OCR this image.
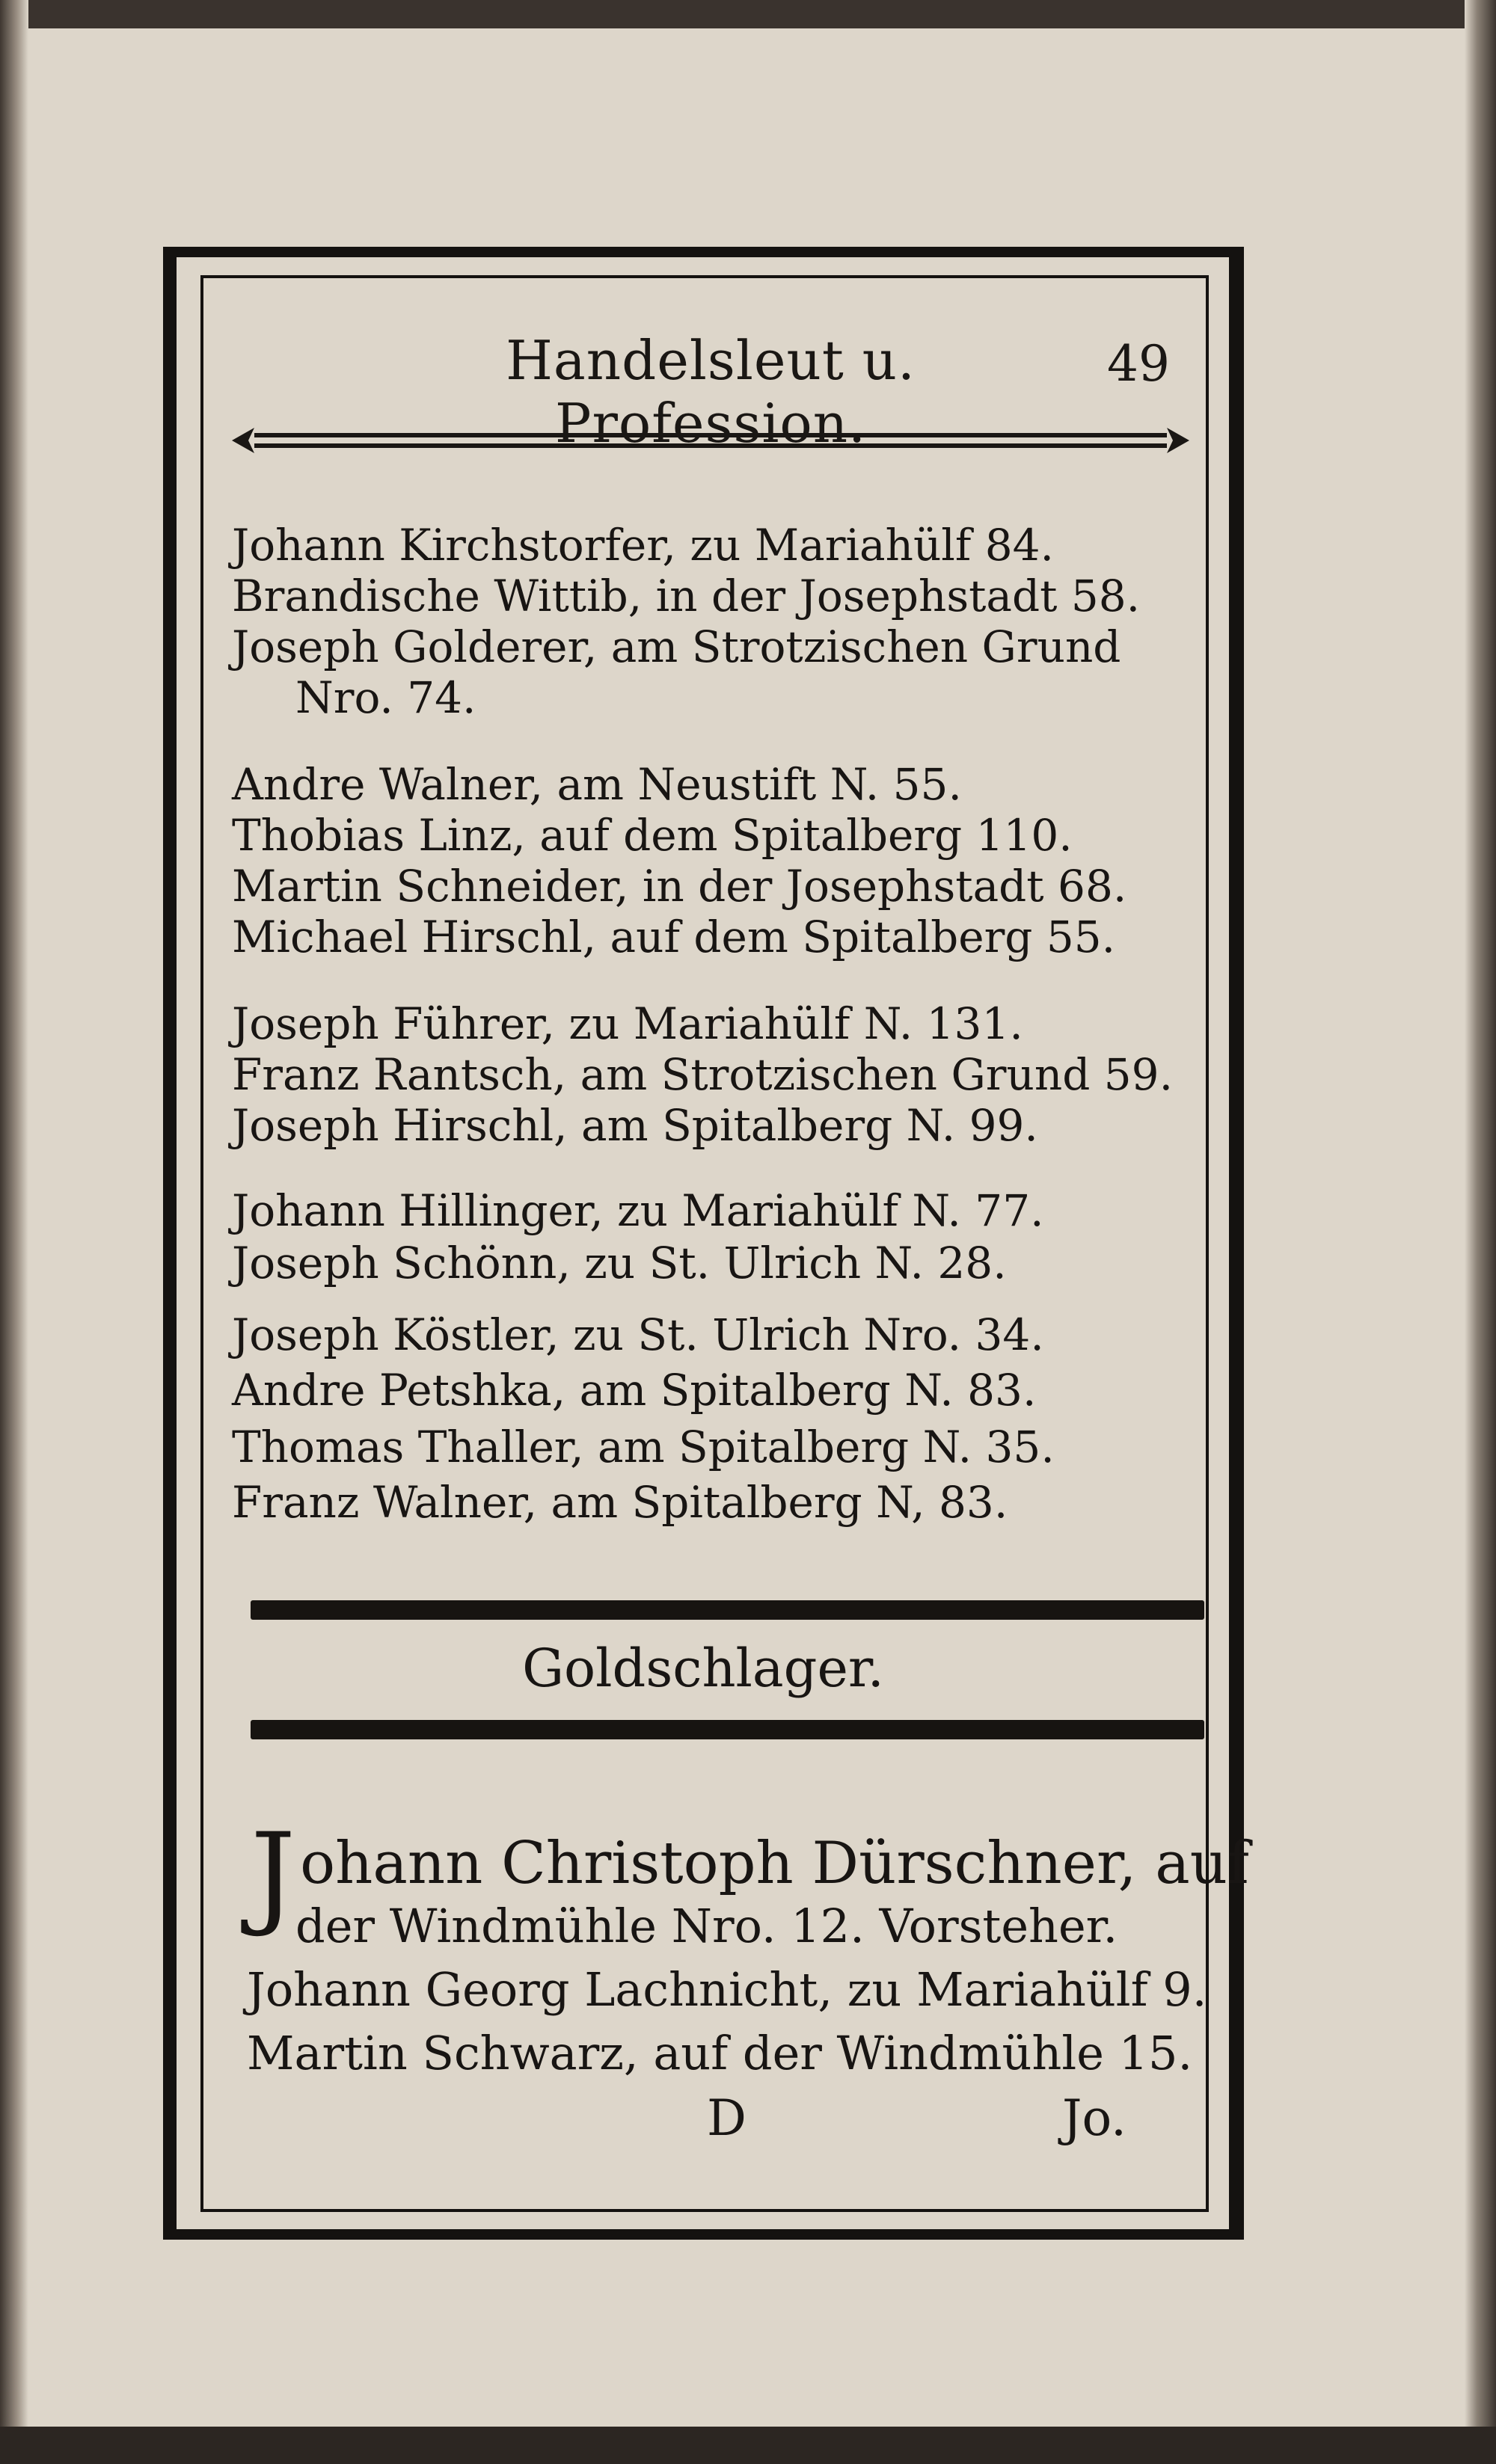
Handelsleut u. Profession.
49
Johann Kirchstorfer, zu Mariahülf 84.
Brandische Wittib, in der Josephstadt 58.
Joseph Golderer, am Strotzischen Grund
Nro. 74.
Andre Walner, am Neustift N. 55.
Thobias Linz, auf dem Spitalberg 110.
Martin Schneider, in der Josephstadt 68.
Michael Hirschl, auf dem Spitalberg 55.
Joseph Führer, zu Mariahülf N. 131.
Franz Rantsch, am Strotzischen Grund 59.
Joseph Hirschl, am Spitalberg N. 99.
Johann Hillinger, zu Mariahülf N. 77.
Joseph Schönn, zu St. Ulrich N. 28.
Joseph Köstler, zu St. Ulrich Nro. 34.
Andre Petshka, am Spitalberg N. 83.
Thomas Thaller, am Spitalberg N. 35.
Franz Walner, am Spitalberg N, 83.
Goldschlager.
Johann Christoph Dürschner, auf
der Windmühle Nro. 12. Vorsteher.
Johann Georg Lachnicht, zu Mariahülf 9.
Martin Schwarz, auf der Windmühle 15.
D	Jo.
